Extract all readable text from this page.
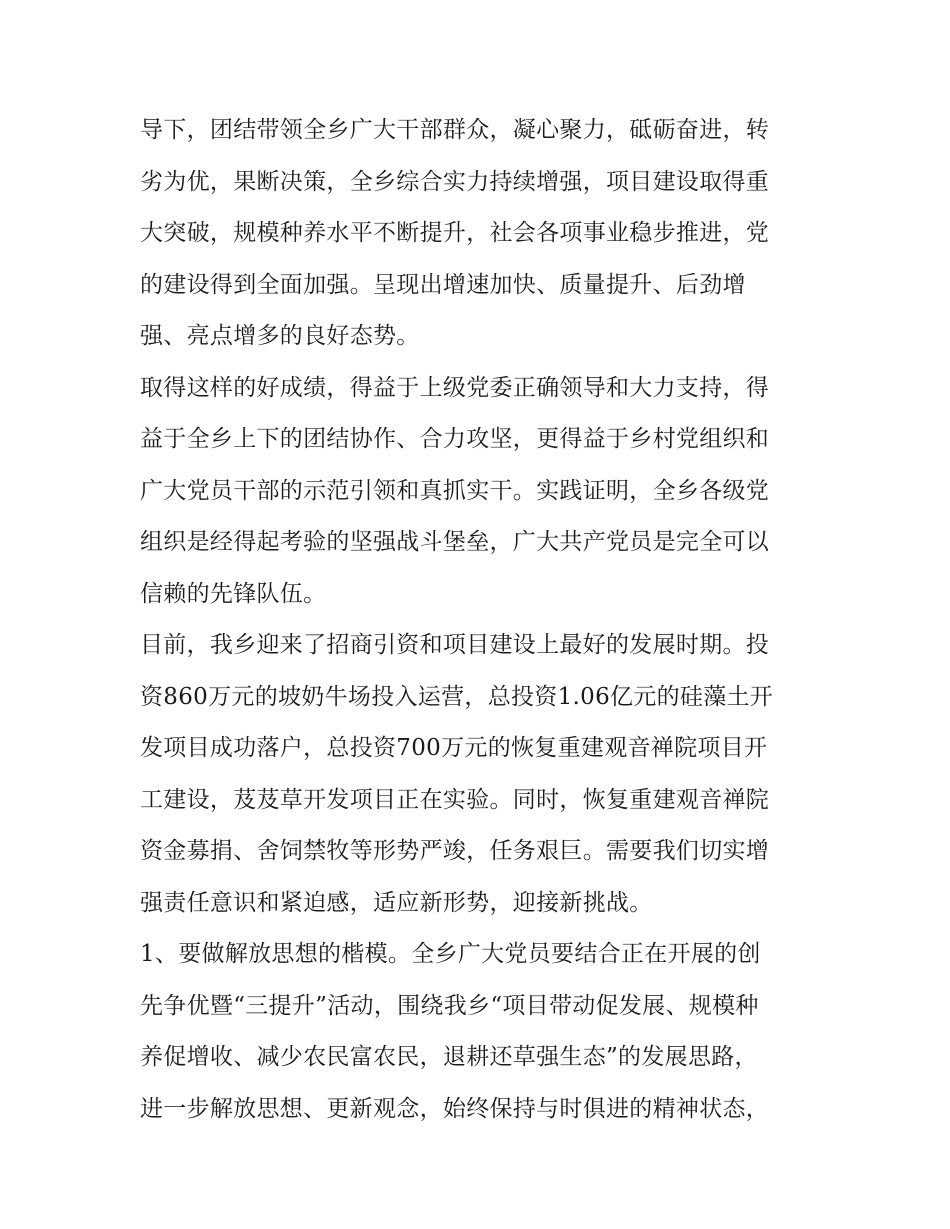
导下，团结带领全乡广大干部群众，凝心聚力，砥砺奋进，转
劣为优，果断决策，全乡综合实力持续增强，项目建设取得重
大突破，规模种养水平不断提升，社会各项事业稳步推进，党
的建设得到全面加强。呈现出增速加快、质量提升、后劲增
强、亮点增多的良好态势。
取得这样的好成绩，得益于上级党委正确领导和大力支持，得
益于全乡上下的团结协作、合力攻坚，更得益于乡村党组织和
广大党员干部的示范引领和真抓实干。实践证明，全乡各级党
组织是经得起考验的坚强战斗堡垒，广大共产党员是完全可以
信赖的先锋队伍。
目前，我乡迎来了招商引资和项目建设上最好的发展时期。投
资860万元的坡奶牛场投入运营，总投资1.06亿元的硅藻土开
发项目成功落户，总投资700万元的恢复重建观音禅院项目开
工建设，芨芨草开发项目正在实验。同时，恢复重建观音禅院
资金募捐、舍饲禁牧等形势严竣，任务艰巨。需要我们切实增
强责任意识和紧迫感，适应新形势，迎接新挑战。
1、要做解放思想的楷模。全乡广大党员要结合正在开展的创
先争优暨“三提升”活动，围绕我乡“项目带动促发展、规模种
养促增收、减少农民富农民，退耕还草强生态”的发展思路，
进一步解放思想、更新观念，始终保持与时俱进的精神状态，
